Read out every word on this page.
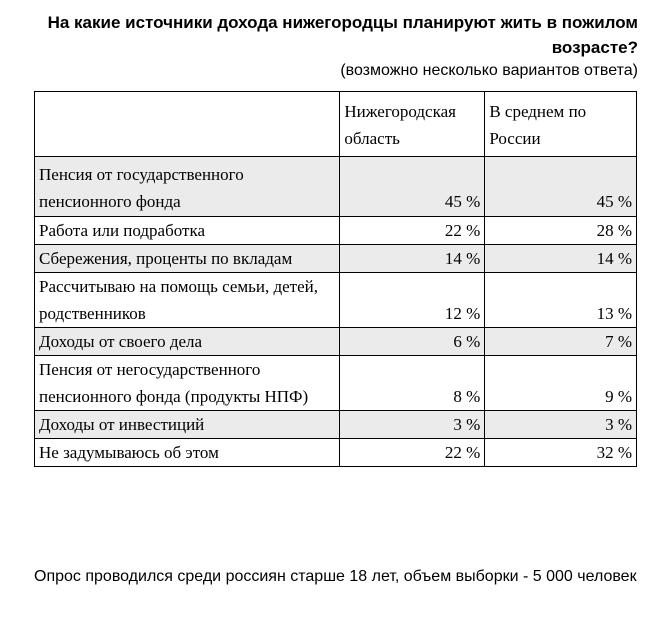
На какие источники дохода нижегородцы планируют жить в пожилом возрасте?

(возможно несколько вариантов ответа)

	Нижегородская область	В среднем по России
Пенсия от государственного пенсионного фонда	45 %	45 %
Работа или подработка	22 %	28 %
Сбережения, проценты по вкладам	14 %	14 %
Рассчитываю на помощь семьи, детей, родственников	12 %	13 %
Доходы от своего дела	6 %	7 %
Пенсия от негосударственного пенсионного фонда (продукты НПФ)	8 %	9 %
Доходы от инвестиций	3 %	3 %
Не задумываюсь об этом	22 %	32 %

Опрос проводился среди россиян старше 18 лет, объем выборки - 5 000 человек
